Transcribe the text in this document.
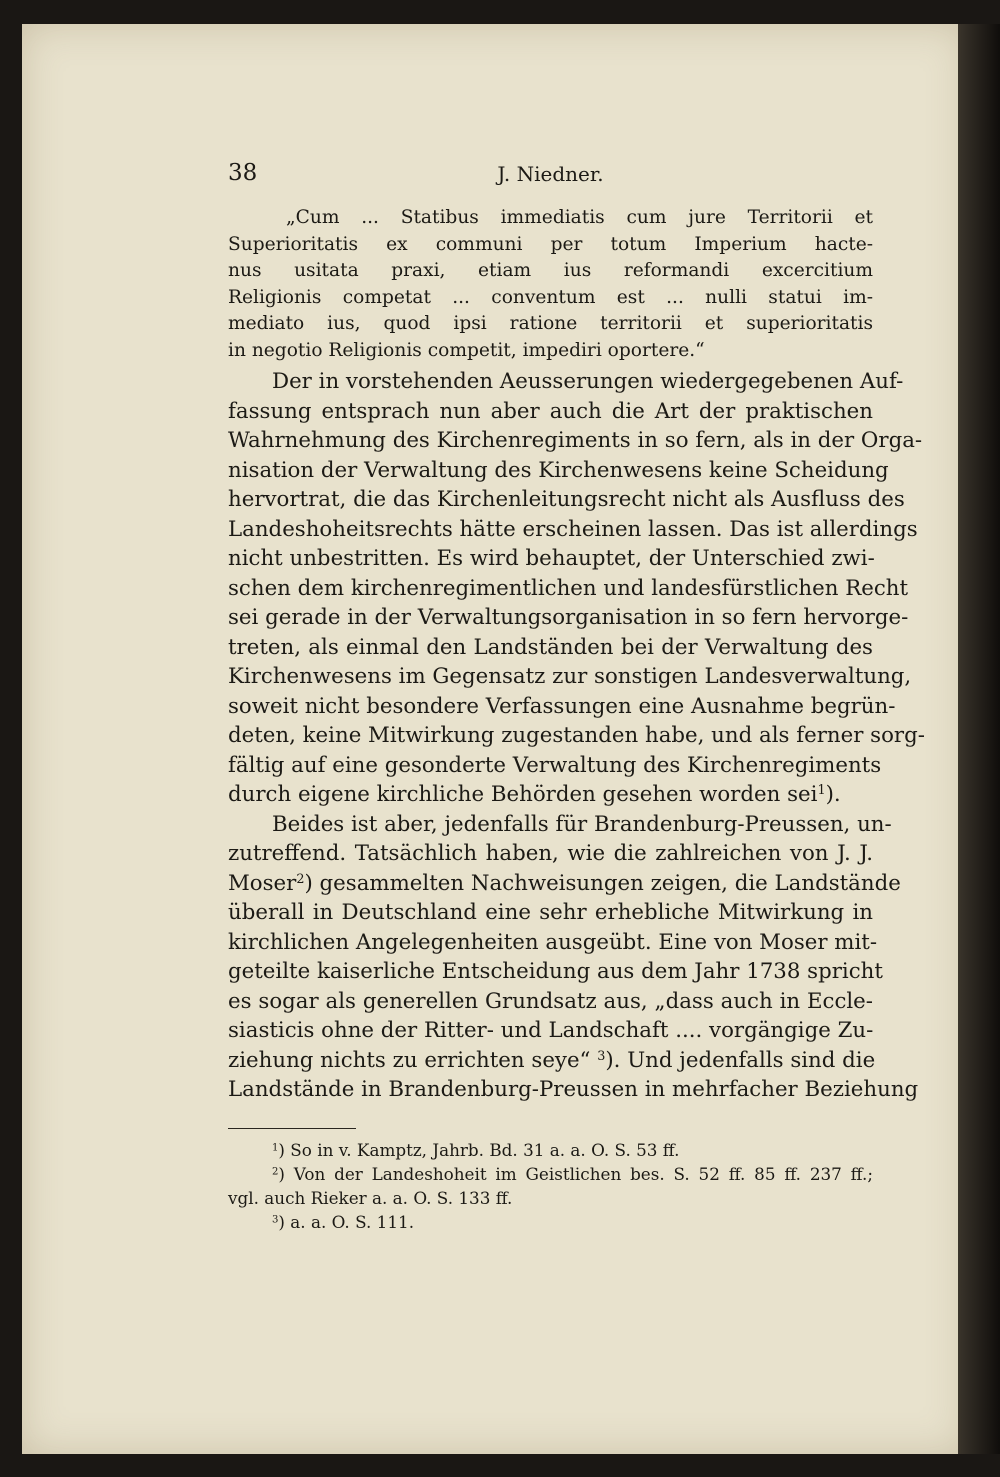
38	J. Niedner.
„Cum ... Statibus immediatis cum jure Territorii et
Superioritatis ex communi per totum Imperium hacte-
nus usitata praxi, etiam ius reformandi excercitium
Religionis competat ... conventum est ... nulli statui im-
mediato ius, quod ipsi ratione territorii et superioritatis
in negotio Religionis competit, impediri oportere.“
Der in vorstehenden Aeusserungen wiedergegebenen Auf-
fassung entsprach nun aber auch die Art der praktischen
Wahrnehmung des Kirchenregiments in so fern, als in der Orga-
nisation der Verwaltung des Kirchenwesens keine Scheidung
hervortrat, die das Kirchenleitungsrecht nicht als Ausfluss des
Landeshoheitsrechts hätte erscheinen lassen. Das ist allerdings
nicht unbestritten. Es wird behauptet, der Unterschied zwi-
schen dem kirchenregimentlichen und landesfürstlichen Recht
sei gerade in der Verwaltungsorganisation in so fern hervorge-
treten, als einmal den Landständen bei der Verwaltung des
Kirchenwesens im Gegensatz zur sonstigen Landesverwaltung,
soweit nicht besondere Verfassungen eine Ausnahme begrün-
deten, keine Mitwirkung zugestanden habe, und als ferner sorg-
fältig auf eine gesonderte Verwaltung des Kirchenregiments
durch eigene kirchliche Behörden gesehen worden sei$^1$).
Beides ist aber, jedenfalls für Brandenburg-Preussen, un-
zutreffend. Tatsächlich haben, wie die zahlreichen von J. J.
Moser$^2$) gesammelten Nachweisungen zeigen, die Landstände
überall in Deutschland eine sehr erhebliche Mitwirkung in
kirchlichen Angelegenheiten ausgeübt. Eine von Moser mit-
geteilte kaiserliche Entscheidung aus dem Jahr 1738 spricht
es sogar als generellen Grundsatz aus, „dass auch in Eccle-
siasticis ohne der Ritter- und Landschaft .... vorgängige Zu-
ziehung nichts zu errichten seye“ $^3$). Und jedenfalls sind die
Landstände in Brandenburg-Preussen in mehrfacher Beziehung
$^1$) So in v. Kamptz, Jahrb. Bd. 31 a. a. O. S. 53 ff.
$^2$) Von der Landeshoheit im Geistlichen bes. S. 52 ff. 85 ff. 237 ff.;
vgl. auch Rieker a. a. O. S. 133 ff.
$^3$) a. a. O. S. 111.
